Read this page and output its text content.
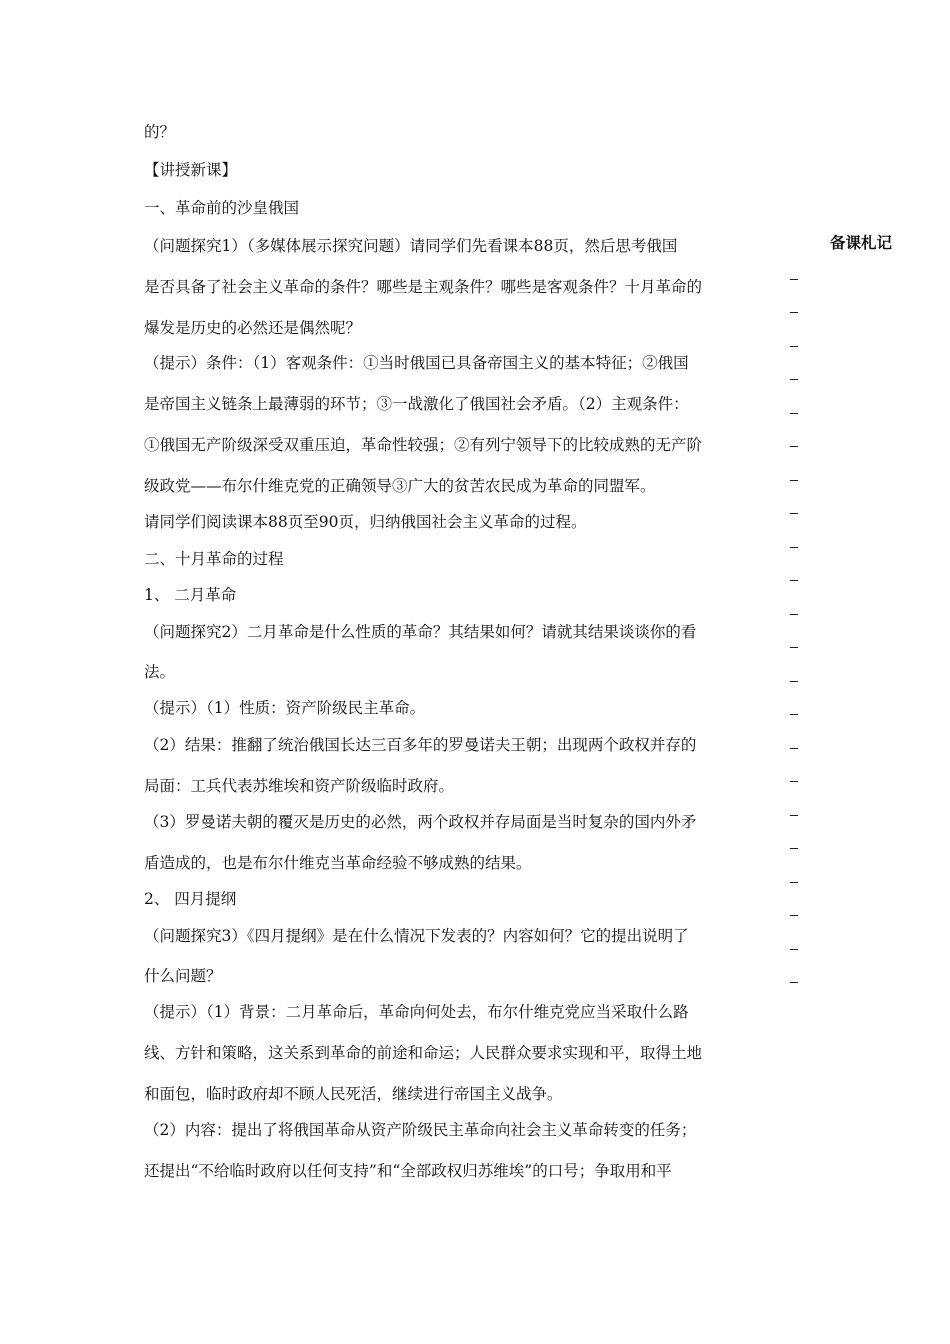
的？

【讲授新课】

一、革命前的沙皇俄国

（问题探究1）（多媒体展示探究问题）请同学们先看课本88页，然后思考俄国

是否具备了社会主义革命的条件？哪些是主观条件？哪些是客观条件？十月革命的

爆发是历史的必然还是偶然呢？

（提示）条件：（1）客观条件：①当时俄国已具备帝国主义的基本特征；②俄国

是帝国主义链条上最薄弱的环节；③一战激化了俄国社会矛盾。（2）主观条件：

①俄国无产阶级深受双重压迫，革命性较强；②有列宁领导下的比较成熟的无产阶

级政党——布尔什维克党的正确领导③广大的贫苦农民成为革命的同盟军。

请同学们阅读课本88页至90页，归纳俄国社会主义革命的过程。

二、十月革命的过程

1、 二月革命

（问题探究2）二月革命是什么性质的革命？其结果如何？请就其结果谈谈你的看

法。

（提示）（1）性质：资产阶级民主革命。

（2）结果：推翻了统治俄国长达三百多年的罗曼诺夫王朝；出现两个政权并存的

局面：工兵代表苏维埃和资产阶级临时政府。

（3）罗曼诺夫朝的覆灭是历史的必然，两个政权并存局面是当时复杂的国内外矛

盾造成的，也是布尔什维克当革命经验不够成熟的结果。

2、 四月提纲

（问题探究3）《四月提纲》是在什么情况下发表的？内容如何？它的提出说明了

什么问题？

（提示）（1）背景：二月革命后，革命向何处去，布尔什维克党应当采取什么路

线、方针和策略，这关系到革命的前途和命运；人民群众要求实现和平，取得土地

和面包，临时政府却不顾人民死活，继续进行帝国主义战争。

（2）内容：提出了将俄国革命从资产阶级民主革命向社会主义革命转变的任务；

还提出“不给临时政府以任何支持”和“全部政权归苏维埃”的口号；争取用和平

备课札记
